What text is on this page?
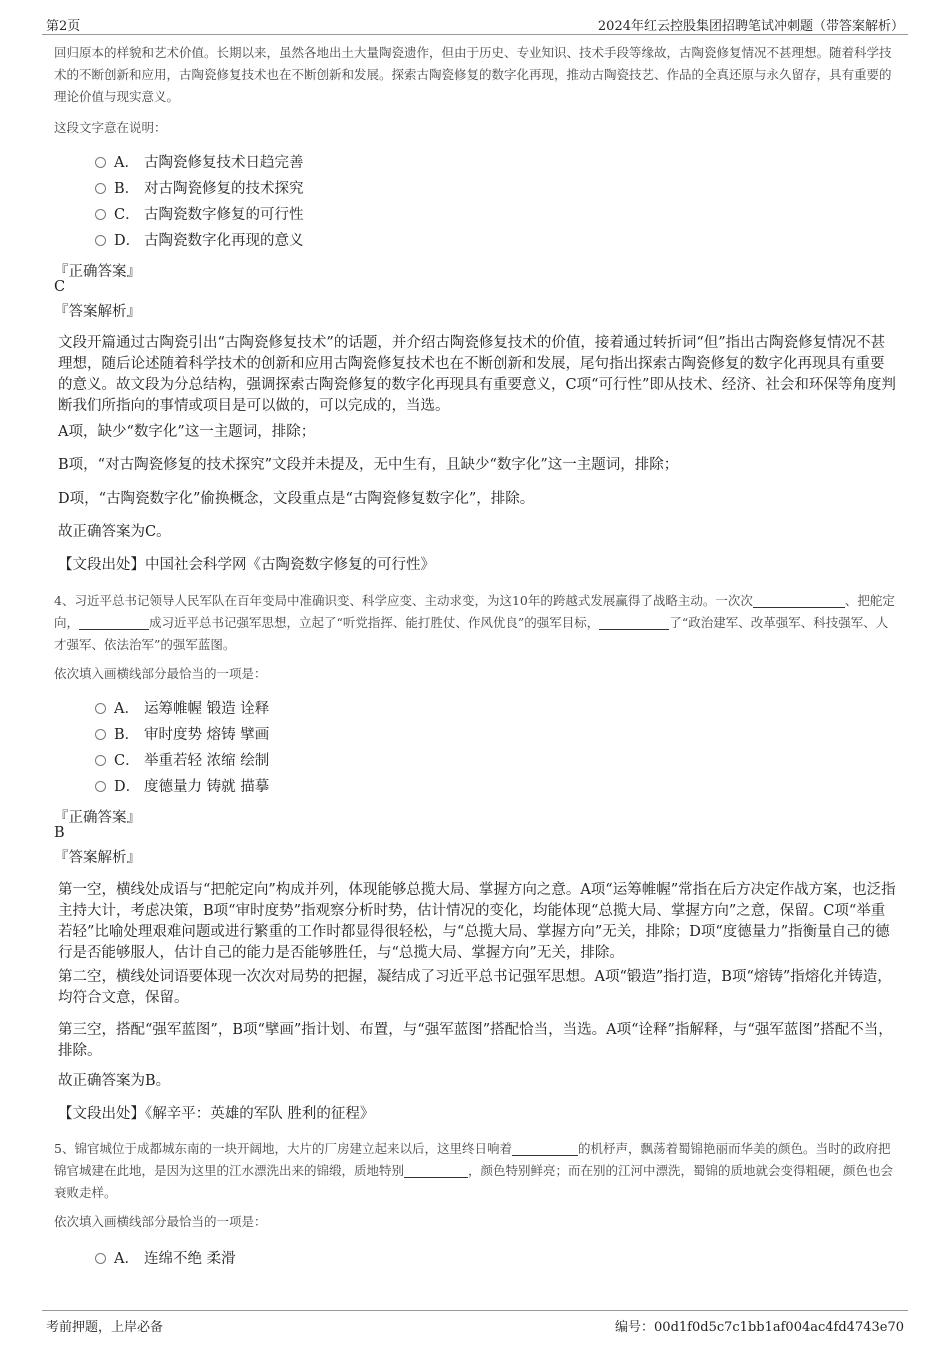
第2页	2024年红云控股集团招聘笔试冲刺题（带答案解析）
回归原本的样貌和艺术价值。长期以来，虽然各地出土大量陶瓷遗作，但由于历史、专业知识、技术手段等缘故，古陶瓷修复情况不甚理想。随着科学技术的不断创新和应用，古陶瓷修复技术也在不断创新和发展。探索古陶瓷修复的数字化再现，推动古陶瓷技艺、作品的全真还原与永久留存，具有重要的理论价值与现实意义。
这段文字意在说明：
A． 古陶瓷修复技术日趋完善
B． 对古陶瓷修复的技术探究
C． 古陶瓷数字修复的可行性
D． 古陶瓷数字化再现的意义
『正确答案』
C
『答案解析』
文段开篇通过古陶瓷引出“古陶瓷修复技术”的话题，并介绍古陶瓷修复技术的价值，接着通过转折词“但”指出古陶瓷修复情况不甚理想，随后论述随着科学技术的创新和应用古陶瓷修复技术也在不断创新和发展，尾句指出探索古陶瓷修复的数字化再现具有重要的意义。故文段为分总结构，强调探索古陶瓷修复的数字化再现具有重要意义，C项“可行性”即从技术、经济、社会和环保等角度判断我们所指向的事情或项目是可以做的，可以完成的，当选。
A项，缺少“数字化”这一主题词，排除；
B项，“对古陶瓷修复的技术探究”文段并未提及，无中生有，且缺少“数字化”这一主题词，排除；
D项，“古陶瓷数字化”偷换概念，文段重点是“古陶瓷修复数字化”，排除。
故正确答案为C。
【文段出处】中国社会科学网《古陶瓷数字修复的可行性》
4、习近平总书记领导人民军队在百年变局中准确识变、科学应变、主动求变，为这10年的跨越式发展赢得了战略主动。一次次	、把舵定向，	成习近平总书记强军思想，立起了“听党指挥、能打胜仗、作风优良”的强军目标，	了“政治建军、改革强军、科技强军、人才强军、依法治军”的强军蓝图。
依次填入画横线部分最恰当的一项是：
A． 运筹帷幄 锻造 诠释
B． 审时度势 熔铸 擘画
C． 举重若轻 浓缩 绘制
D． 度德量力 铸就 描摹
『正确答案』
B
『答案解析』
第一空，横线处成语与“把舵定向”构成并列，体现能够总揽大局、掌握方向之意。A项“运筹帷幄”常指在后方决定作战方案，也泛指主持大计，考虑决策，B项“审时度势”指观察分析时势，估计情况的变化，均能体现“总揽大局、掌握方向”之意，保留。C项“举重若轻”比喻处理艰难问题或进行繁重的工作时都显得很轻松，与“总揽大局、掌握方向”无关，排除；D项“度德量力”指衡量自己的德行是否能够服人，估计自己的能力是否能够胜任，与“总揽大局、掌握方向”无关，排除。
第二空，横线处词语要体现一次次对局势的把握，凝结成了习近平总书记强军思想。A项“锻造”指打造，B项“熔铸”指熔化并铸造，均符合文意，保留。
第三空，搭配“强军蓝图”，B项“擘画”指计划、布置，与“强军蓝图”搭配恰当，当选。A项“诠释”指解释，与“强军蓝图”搭配不当，排除。
故正确答案为B。
【文段出处】《解辛平：英雄的军队 胜利的征程》
5、锦官城位于成都城东南的一块开阔地，大片的厂房建立起来以后，这里终日响着	的机杼声，飘荡着蜀锦艳丽而华美的颜色。当时的政府把锦官城建在此地，是因为这里的江水漂洗出来的锦缎，质地特别	，颜色特别鲜亮；而在别的江河中漂洗，蜀锦的质地就会变得粗硬，颜色也会衰败走样。
依次填入画横线部分最恰当的一项是：
A． 连绵不绝 柔滑
考前押题，上岸必备	编号：00d1f0d5c7c1bb1af004ac4fd4743e70
